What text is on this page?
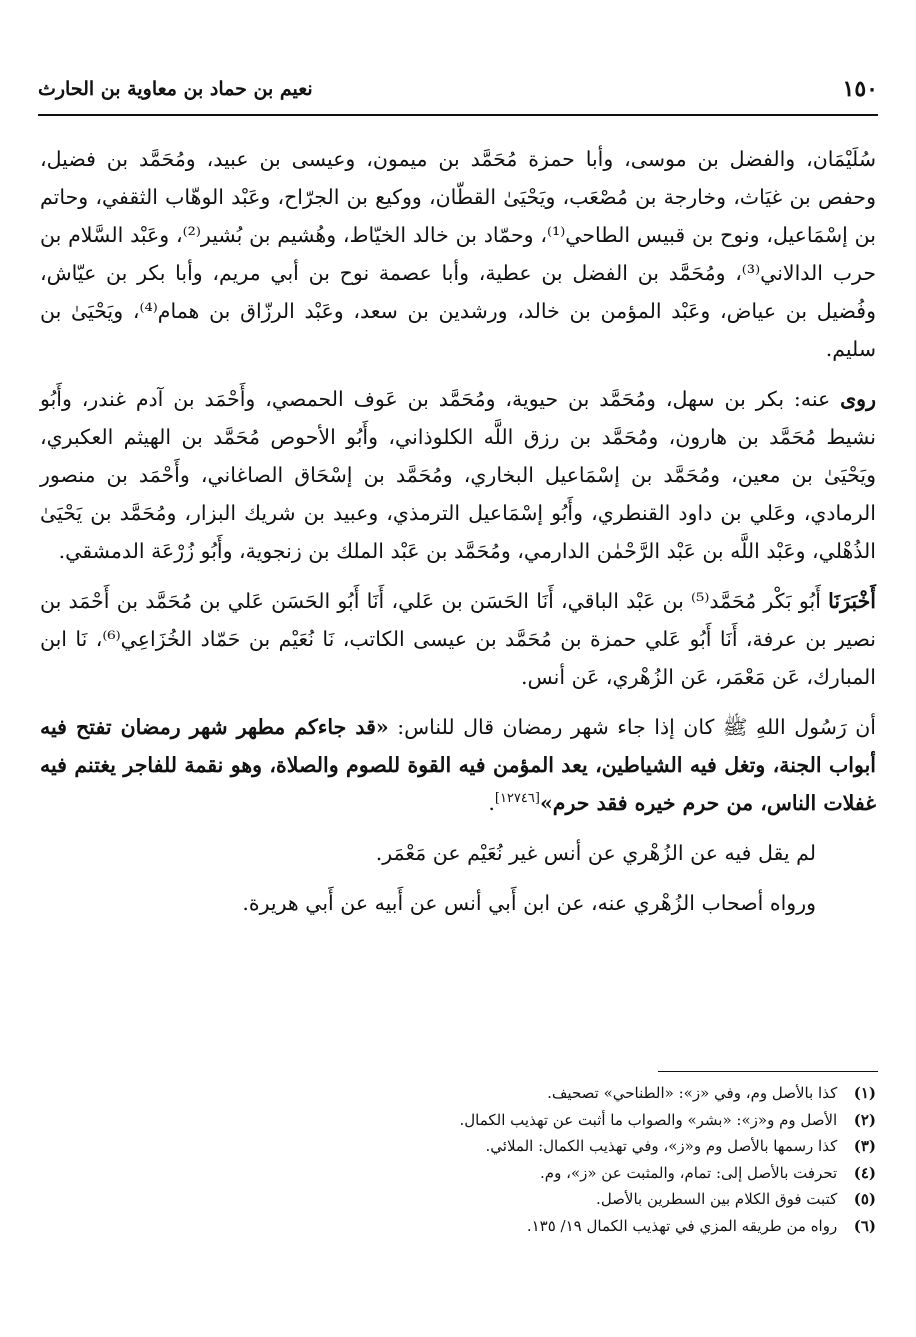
١٥٠
نعيم بن حماد بن معاوية بن الحارث

سُلَيْمَان، والفضل بن موسى، وأبا حمزة مُحَمَّد بن ميمون، وعيسى بن عبيد، ومُحَمَّد بن فضيل، وحفص بن غيَاث، وخارجة بن مُصْعَب، ويَحْيَىٰ القطّان، ووكيع بن الجرّاح، وعَبْد الوهّاب الثقفي، وحاتم بن إسْمَاعيل، ونوح بن قبيس الطاحي⁽¹⁾، وحمّاد بن خالد الخيّاط، وهُشيم بن بُشير⁽²⁾، وعَبْد السَّلام بن حرب الدالاني⁽³⁾، ومُحَمَّد بن الفضل بن عطية، وأبا عصمة نوح بن أبي مريم، وأبا بكر بن عيّاش، وفُضيل بن عياض، وعَبْد المؤمن بن خالد، ورشدين بن سعد، وعَبْد الرزّاق بن همام⁽⁴⁾، ويَحْيَىٰ بن سليم.

روى عنه: بكر بن سهل، ومُحَمَّد بن حيوية، ومُحَمَّد بن عَوف الحمصي، وأَحْمَد بن آدم غندر، وأَبُو نشيط مُحَمَّد بن هارون، ومُحَمَّد بن رزق اللَّه الكلوذاني، وأَبُو الأحوص مُحَمَّد بن الهيثم العكبري، ويَحْيَىٰ بن معين، ومُحَمَّد بن إسْمَاعيل البخاري، ومُحَمَّد بن إسْحَاق الصاغاني، وأَحْمَد بن منصور الرمادي، وعَلي بن داود القنطري، وأَبُو إسْمَاعيل الترمذي، وعبيد بن شريك البزار، ومُحَمَّد بن يَحْيَىٰ الذُهْلي، وعَبْد اللَّه بن عَبْد الرَّحْمٰن الدارمي، ومُحَمَّد بن عَبْد الملك بن زنجوية، وأَبُو زُرْعَة الدمشقي.

أَخْبَرَنَا أَبُو بَكْر مُحَمَّد⁽⁵⁾ بن عَبْد الباقي، أَنَا الحَسَن بن عَلي، أَنَا أَبُو الحَسَن عَلي بن مُحَمَّد بن أَحْمَد بن نصير بن عرفة، أَنَا أَبُو عَلي حمزة بن مُحَمَّد بن عيسى الكاتب، نَا نُعَيْم بن حَمّاد الخُزَاعِي⁽⁶⁾، نَا ابن المبارك، عَن مَعْمَر، عَن الزُهْري، عَن أنس.

أن رَسُول اللهِ ﷺ كان إذا جاء شهر رمضان قال للناس: «قد جاءكم مطهر شهر رمضان تفتح فيه أبواب الجنة، وتغل فيه الشياطين، يعد المؤمن فيه القوة للصوم والصلاة، وهو نقمة للفاجر يغتنم فيه غفلات الناس، من حرم خيره فقد حرم»[١٢٧٤٦].

لم يقل فيه عن الزُهْري عن أنس غير نُعَيْم عن مَعْمَر.

ورواه أصحاب الزُهْري عنه، عن ابن أَبي أنس عن أَبيه عن أَبي هريرة.

(١) كذا بالأصل وم، وفي «ز»: «الطناحي» تصحيف.
(٢) الأصل وم و«ز»: «بشر» والصواب ما أثبت عن تهذيب الكمال.
(٣) كذا رسمها بالأصل وم و«ز»، وفي تهذيب الكمال: الملائي.
(٤) تحرفت بالأصل إلى: تمام، والمثبت عن «ز»، وم.
(٥) كتبت فوق الكلام بين السطرين بالأصل.
(٦) رواه من طريقه المزي في تهذيب الكمال ١٩/ ١٣٥.
